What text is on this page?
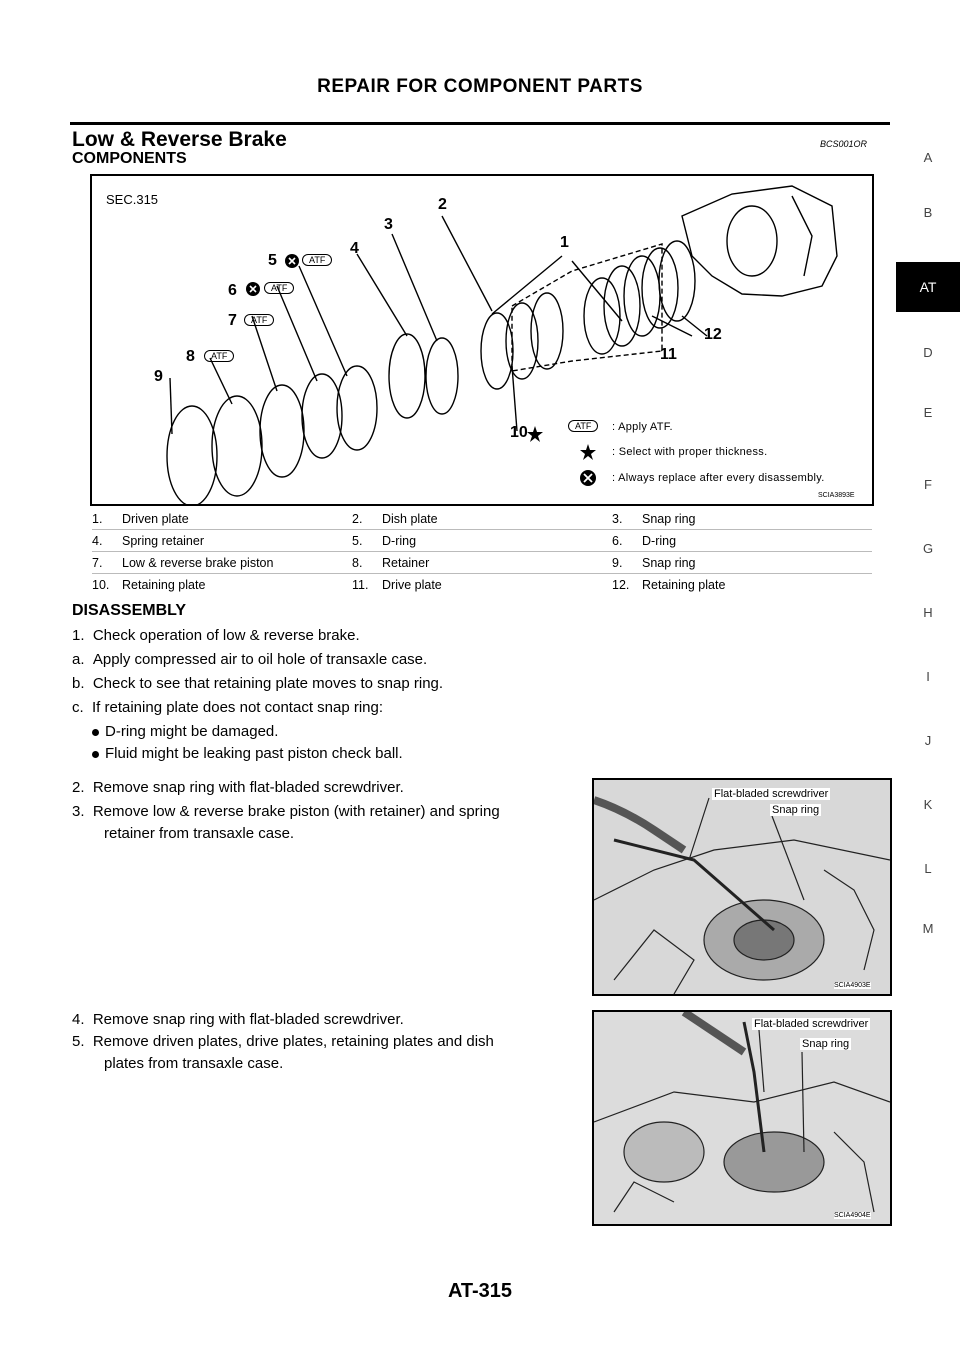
REPAIR FOR COMPONENT PARTS
Low & Reverse Brake	BCS001OR
COMPONENTS	A
B
AT
D
E
F
G
H
I
J
K
L
M
SEC.315
1
2
3
4
5
6
7
8
9
10
11
12
ATF
ATF
ATF
ATF
ATF	: Apply ATF.
: Select with proper thickness.
: Always replace after every disassembly.
SCIA3893E
1.	Driven plate	2.	Dish plate	3.	Snap ring
4.	Spring retainer	5.	D-ring	6.	D-ring
7.	Low & reverse brake piston	8.	Retainer	9.	Snap ring
10.	Retaining plate	11.	Drive plate	12.	Retaining plate
DISASSEMBLY
1.  Check operation of low & reverse brake.
a.  Apply compressed air to oil hole of transaxle case.
b.  Check to see that retaining plate moves to snap ring.
c.  If retaining plate does not contact snap ring:
D-ring might be damaged.
Fluid might be leaking past piston check ball.
2.  Remove snap ring with flat-bladed screwdriver.
3.  Remove low & reverse brake piston (with retainer) and spring
retainer from transaxle case.
4.  Remove snap ring with flat-bladed screwdriver.
5.  Remove driven plates, drive plates, retaining plates and dish
plates from transaxle case.
Flat-bladed screwdriver
Snap ring
SCIA4903E
Flat-bladed screwdriver
Snap ring
SCIA4904E
AT-315
